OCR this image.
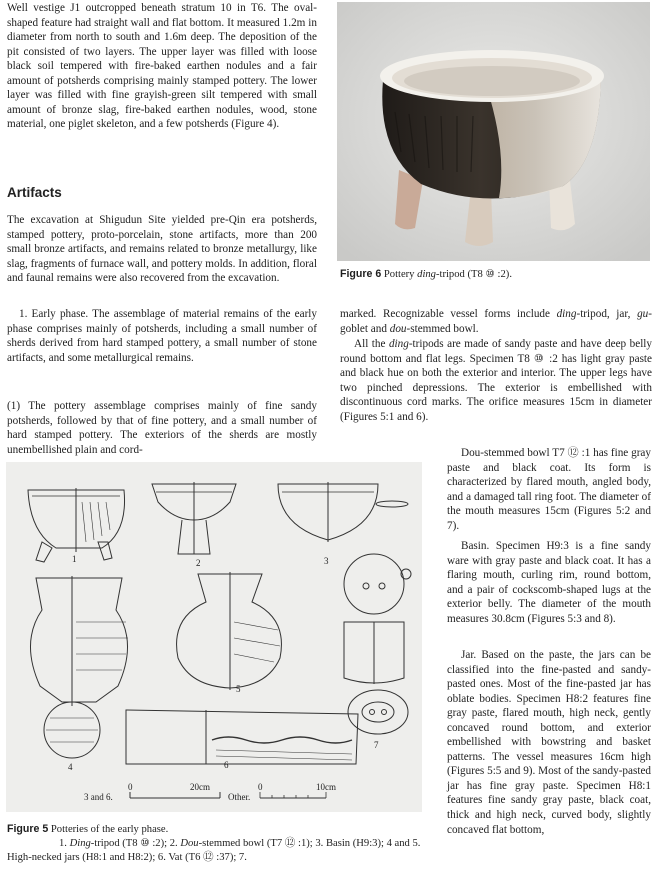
Well vestige J1 outcropped beneath stratum 10 in T6. The oval-shaped feature had straight wall and flat bottom. It measured 1.2m in diameter from north to south and 1.6m deep. The deposition of the pit consisted of two layers. The upper layer was filled with loose black soil tempered with fire-baked earthen nodules and a fair amount of potsherds comprising mainly stamped pottery. The lower layer was filled with fine grayish-green silt tempered with small amount of bronze slag, fire-baked earthen nodules, wood, stone material, one piglet skeleton, and a few potsherds (Figure 4).

Artifacts

The excavation at Shigudun Site yielded pre-Qin era potsherds, stamped pottery, proto-porcelain, stone artifacts, more than 200 small bronze artifacts, and remains related to bronze metallurgy, like slag, fragments of furnace wall, and pottery molds. In addition, floral and faunal remains were also recovered from the excavation.

1. Early phase. The assemblage of material remains of the early phase comprises mainly of potsherds, including a small number of sherds derived from hard stamped pottery, a small number of stone artifacts, and some metallurgical remains.

(1) The pottery assemblage comprises mainly of fine sandy potsherds, followed by that of fine pottery, and a small number of hard stamped pottery. The exteriors of the sherds are mostly unembellished plain and cord-

Figure 6 Pottery ding-tripod (T8 ⑩ :2).

marked. Recognizable vessel forms include ding-tripod, jar, gu-goblet and dou-stemmed bowl.

All the ding-tripods are made of sandy paste and have deep belly round bottom and flat legs. Specimen T8 ⑩ :2 has light gray paste and black hue on both the exterior and interior. The upper legs have two pinched depressions. The exterior is embellished with discontinuous cord marks. The orifice measures 15cm in diameter (Figures 5:1 and 6).

Dou-stemmed bowl T7 ⑫ :1 has fine gray paste and black coat. Its form is characterized by flared mouth, angled body, and a damaged tall ring foot. The diameter of the mouth measures 15cm (Figures 5:2 and 7).

Basin. Specimen H9:3 is a fine sandy ware with gray paste and black coat. It has a flaring mouth, curling rim, round bottom, and a pair of cockscomb-shaped lugs at the exterior belly. The diameter of the mouth measures 30.8cm (Figures 5:3 and 8).

Jar. Based on the paste, the jars can be classified into the fine-pasted and sandy-pasted ones. Most of the fine-pasted jar has oblate bodies. Specimen H8:2 features fine gray paste, flared mouth, high neck, gently concaved round bottom, and exterior embellished with bowstring and basket patterns. The vessel measures 16cm high (Figures 5:5 and 9). Most of the sandy-pasted jar has fine gray paste. Specimen H8:1 features fine sandy gray paste, black coat, thick and high neck, curved body, slightly concaved flat bottom,

1	2	3
4
5
6
7
3 and 6.
0	20cm
Other.
0	10cm

Figure 5 Potteries of the early phase.
1. Ding-tripod (T8 ⑩ :2); 2. Dou-stemmed bowl (T7 ⑫ :1); 3. Basin (H9:3); 4 and 5. High-necked jars (H8:1 and H8:2); 6. Vat (T6 ⑫ :37); 7.
